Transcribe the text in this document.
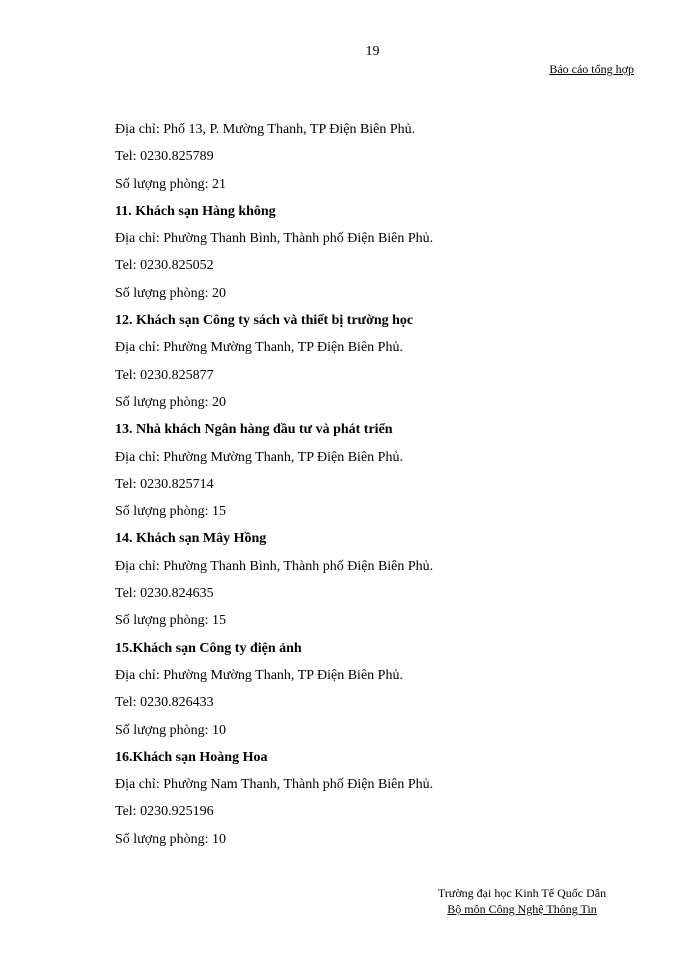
19
Báo cáo tổng hợp
Địa chỉ: Phố 13, P. Mường Thanh, TP Điện Biên Phủ.
Tel: 0230.825789
Số lượng phòng: 21
11. Khách sạn Hàng không
Địa chỉ: Phường Thanh Bình, Thành phố Điện Biên Phủ.
Tel: 0230.825052
Số lượng phòng: 20
12. Khách sạn Công ty sách và thiết bị trường học
Địa chỉ: Phường Mường Thanh, TP Điện Biên Phủ.
Tel: 0230.825877
Số lượng phòng: 20
13. Nhà khách Ngân hàng đầu tư và phát triển
Địa chỉ: Phường Mường Thanh, TP Điện Biên Phủ.
Tel: 0230.825714
Số lượng phòng: 15
14. Khách sạn Mây Hồng
Địa chỉ: Phường Thanh Bình, Thành phố Điện Biên Phủ.
Tel: 0230.824635
Số lượng phòng: 15
15.Khách sạn Công ty điện ảnh
Địa chỉ: Phường Mường Thanh, TP Điện Biên Phủ.
Tel: 0230.826433
Số lượng phòng: 10
16.Khách sạn Hoàng Hoa
Địa chỉ: Phường Nam Thanh, Thành phố Điện Biên Phủ.
Tel: 0230.925196
Số lượng phòng: 10
Trường đại học Kinh Tế Quốc Dân
Bộ môn Công Nghệ Thông Tin
